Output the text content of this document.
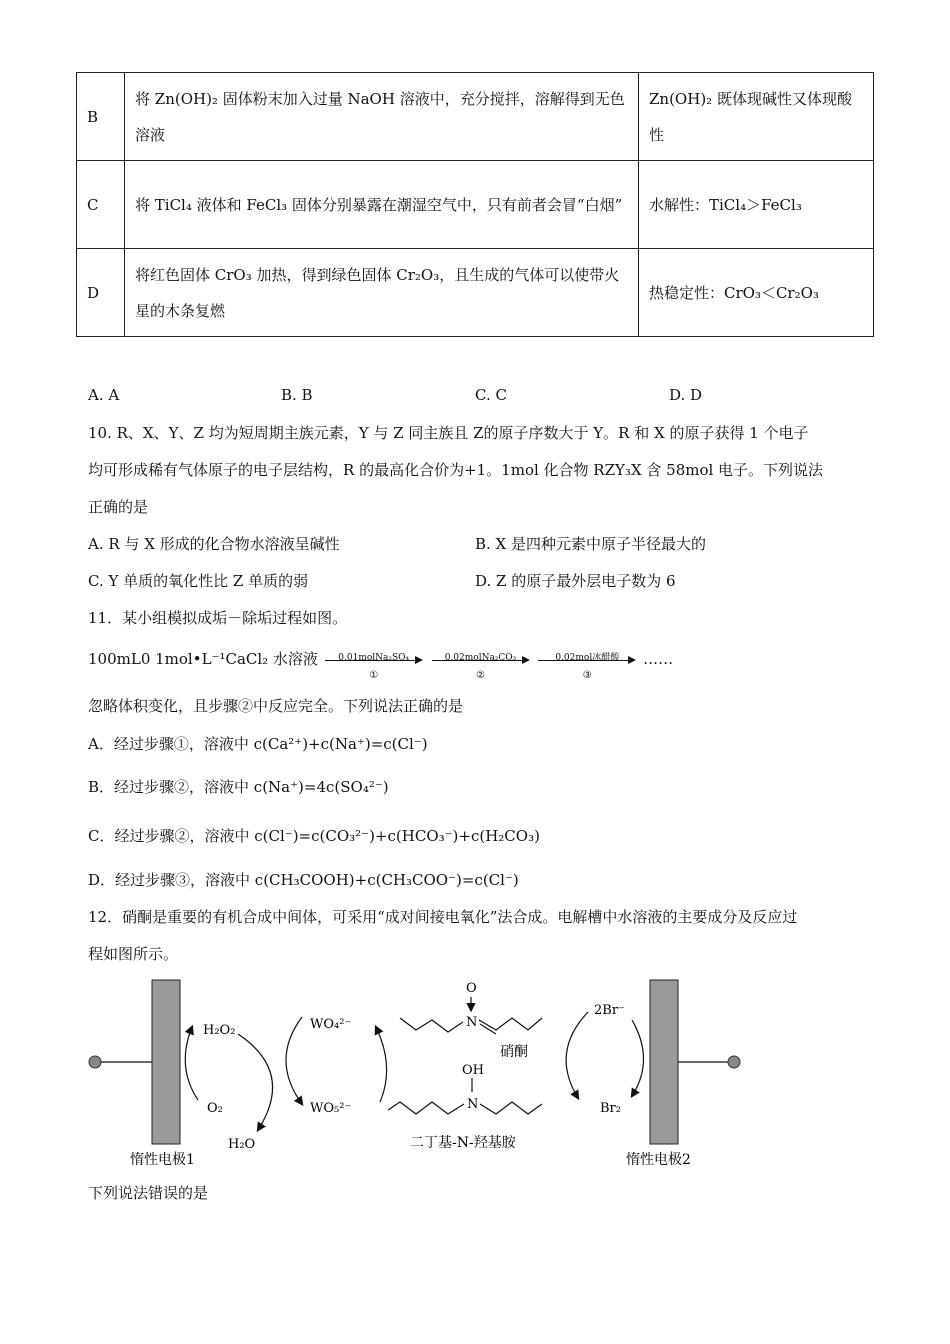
B	将 Zn(OH)₂ 固体粉末加入过量 NaOH 溶液中，充分搅拌，溶解得到无色溶液	Zn(OH)₂ 既体现碱性又体现酸性
C	将 TiCl₄ 液体和 FeCl₃ 固体分别暴露在潮湿空气中，只有前者会冒“白烟”	水解性：TiCl₄＞FeCl₃
D	将红色固体 CrO₃ 加热，得到绿色固体 Cr₂O₃，且生成的气体可以使带火星的木条复燃	热稳定性：CrO₃＜Cr₂O₃
A. A	B. B	C. C	D. D
10. R、X、Y、Z 均为短周期主族元素，Y 与 Z 同主族且 Z的原子序数大于 Y。R 和 X 的原子获得 1 个电子
均可形成稀有气体原子的电子层结构，R 的最高化合价为+1。1mol 化合物 RZY₃X 含 58mol 电子。下列说法
正确的是
A. R 与 X 形成的化合物水溶液呈碱性	B. X 是四种元素中原子半径最大的
C. Y 单质的氧化性比 Z 单质的弱	D. Z 的原子最外层电子数为 6
11．某小组模拟成垢－除垢过程如图。
100mL0 1mol•L⁻¹CaCl₂ 水溶液	0.01molNa₂SO₄
①

0.02molNa₂CO₃
②

0.02mol冰醋酸
③
……
忽略体积变化，且步骤②中反应完全。下列说法正确的是
A．经过步骤①，溶液中 c(Ca²⁺)+c(Na⁺)=c(Cl⁻)
B．经过步骤②，溶液中 c(Na⁺)=4c(SO₄²⁻)
C．经过步骤②，溶液中 c(Cl⁻)=c(CO₃²⁻)+c(HCO₃⁻)+c(H₂CO₃)
D．经过步骤③，溶液中 c(CH₃COOH)+c(CH₃COO⁻)=c(Cl⁻)
12．硝酮是重要的有机合成中间体，可采用“成对间接电氧化”法合成。电解槽中水溶液的主要成分及反应过
程如图所示。
惰性电极1	惰性电极2
H₂O₂
O₂
H₂O
WO₄²⁻
WO₅²⁻
O
N
硝酮
OH
N
二丁基-N-羟基胺
2Br⁻
Br₂
下列说法错误的是
